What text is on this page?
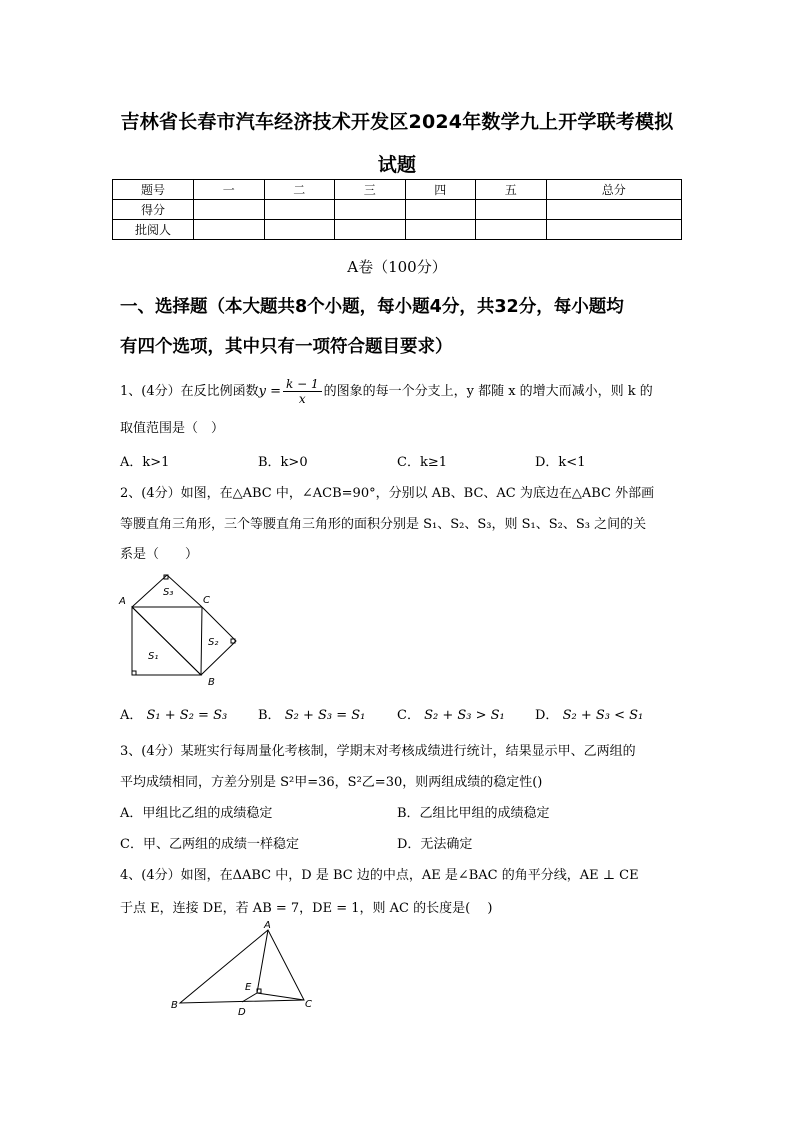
吉林省长春市汽车经济技术开发区2024年数学九上开学联考模拟
试题
题号	一	二	三	四	五	总分
得分						
批阅人						
A卷（100分）
一、选择题（本大题共8个小题，每小题4分，共32分，每小题均
有四个选项，其中只有一项符合题目要求）
1、(4分）在反比例函数$y = \frac{k - 1}{x}$ 的图象的每一个分支上，y 都随 x 的增大而减小，则 k 的
取值范围是（　）
A．k>1	B．k>0	C．k≥1	D．k<1
2、(4分）如图，在△ABC 中，∠ACB=90°，分别以 AB、BC、AC 为底边在△ABC 外部画
等腰直角三角形，三个等腰直角三角形的面积分别是 S₁、S₂、S₃，则 S₁、S₂、S₃ 之间的关
系是（　　）
A	C
B
S₃
S₂
S₁
A． S₁ + S₂ = S₃ B． S₂ + S₃ = S₁ C． S₂ + S₃ > S₁ D． S₂ + S₃ < S₁
3、(4分）某班实行每周量化考核制，学期末对考核成绩进行统计，结果显示甲、乙两组的
平均成绩相同，方差分别是 S²甲=36，S²乙=30，则两组成绩的稳定性()
A．甲组比乙组的成绩稳定	B．乙组比甲组的成绩稳定
C．甲、乙两组的成绩一样稳定	D．无法确定
4、(4分）如图，在ΔABC 中，D 是 BC 边的中点，AE 是∠BAC 的角平分线，AE ⊥ CE
于点 E，连接 DE，若 AB = 7，DE = 1，则 AC 的长度是(　 )
A
B	C
D
E
